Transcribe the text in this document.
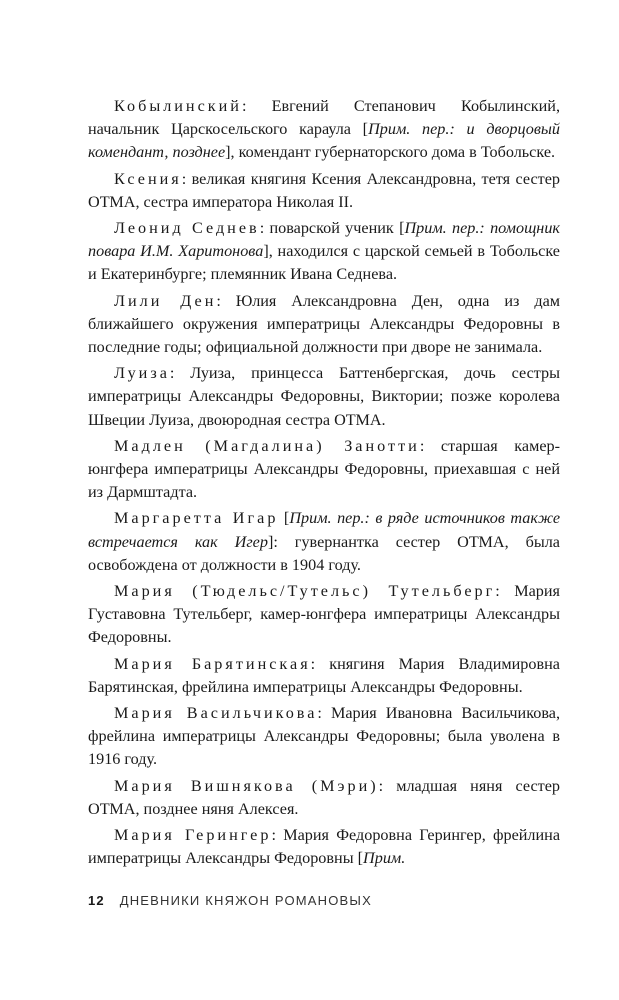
Кобылинский: Евгений Степанович Кобылинский, начальник Царскосельского караула [Прим. пер.: и дворцовый комендант, позднее], комендант губернаторского дома в Тобольске.

Ксения: великая княгиня Ксения Александровна, тетя сестер ОТМА, сестра императора Николая II.

Леонид Седнев: поварской ученик [Прим. пер.: помощник повара И.М. Харитонова], находился с царской семьей в Тобольске и Екатеринбурге; племянник Ивана Седнева.

Лили Ден: Юлия Александровна Ден, одна из дам ближайшего окружения императрицы Александры Федоровны в последние годы; официальной должности при дворе не занимала.

Луиза: Луиза, принцесса Баттенбергская, дочь сестры императрицы Александры Федоровны, Виктории; позже королева Швеции Луиза, двоюродная сестра ОТМА.

Мадлен (Магдалина) Занотти: старшая камер-юнгфера императрицы Александры Федоровны, приехавшая с ней из Дармштадта.

Маргаретта Игар [Прим. пер.: в ряде источников также встречается как Игер]: гувернантка сестер ОТМА, была освобождена от должности в 1904 году.

Мария (Тюдельс/Тутельс) Тутельберг: Мария Густавовна Тутельберг, камер-юнгфера императрицы Александры Федоровны.

Мария Барятинская: княгиня Мария Владимировна Барятинская, фрейлина императрицы Александры Федоровны.

Мария Васильчикова: Мария Ивановна Васильчикова, фрейлина императрицы Александры Федоровны; была уволена в 1916 году.

Мария Вишнякова (Мэри): младшая няня сестер ОТМА, позднее няня Алексея.

Мария Герингер: Мария Федоровна Герингер, фрейлина императрицы Александры Федоровны [Прим.

12 ДНЕВНИКИ КНЯЖОН РОМАНОВЫХ
